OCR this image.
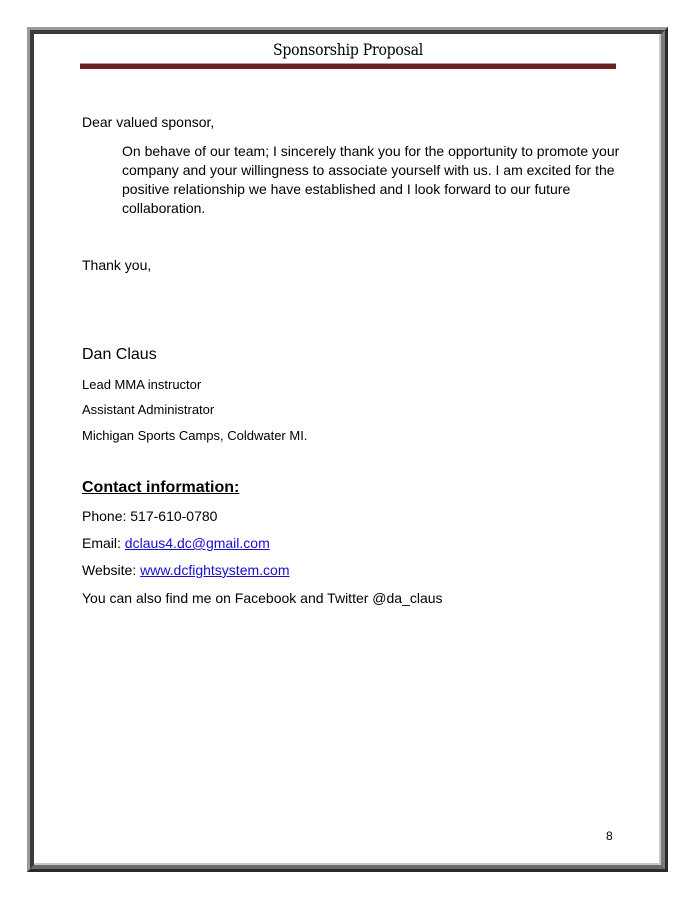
Sponsorship Proposal
Dear valued sponsor,
On behave of our team; I sincerely thank you for the opportunity to promote your company and your willingness to associate yourself with us. I am excited for the positive relationship we have established and I look forward to our future collaboration.
Thank you,
Dan Claus
Lead MMA instructor
Assistant Administrator
Michigan Sports Camps, Coldwater MI.
Contact information:
Phone: 517-610-0780
Email: dclaus4.dc@gmail.com
Website: www.dcfightsystem.com
You can also find me on Facebook and Twitter @da_claus
8
